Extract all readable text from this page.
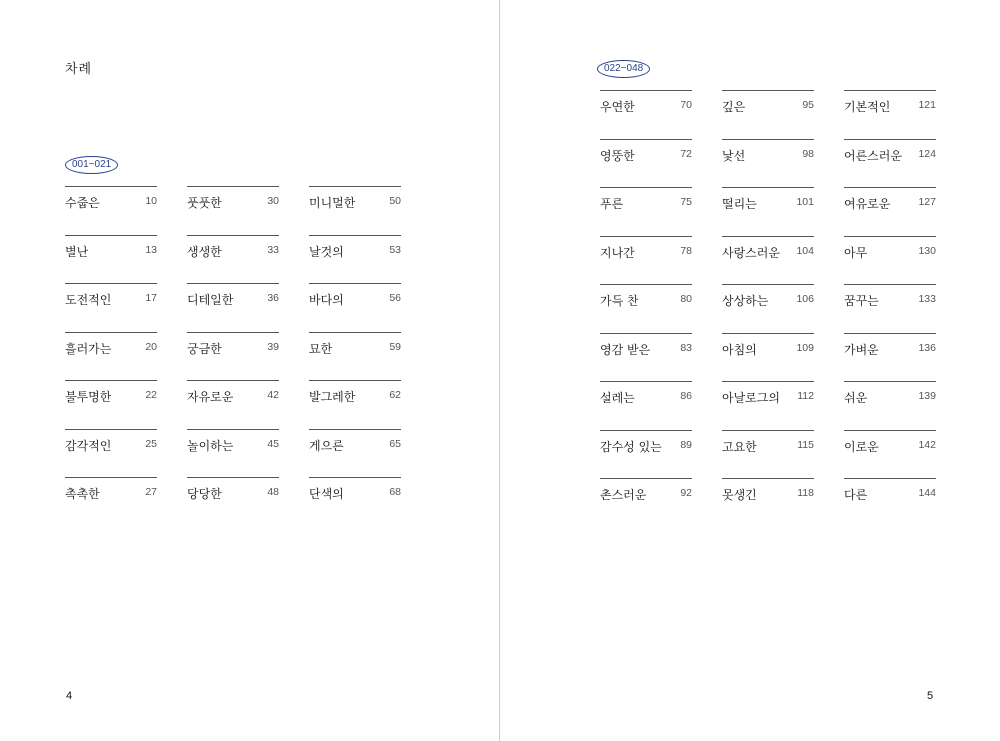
차례
001~021
수줍은	10
별난	13
도전적인	17
흘러가는	20
불투명한	22
감각적인	25
촉촉한	27
풋풋한	30
생생한	33
디테일한	36
궁금한	39
자유로운	42
놀이하는	45
당당한	48
미니멀한	50
날것의	53
바다의	56
묘한	59
발그레한	62
게으른	65
단색의	68
4
022~048
우연한	70
영뚱한	72
푸른	75
지나간	78
가득 찬	80
영감 받은	83
설레는	86
감수성 있는 89
촌스러운	92
깊은	95
낯선	98
떨리는	101
사랑스러운 104
상상하는	106
아침의	109
아날로그의 112
고요한	115
못생긴	118
기본적인	121
어른스러운 124
여유로운	127
아무	130
꿈꾸는	133
가벼운	136
쉬운	139
이로운	142
다른	144
5
